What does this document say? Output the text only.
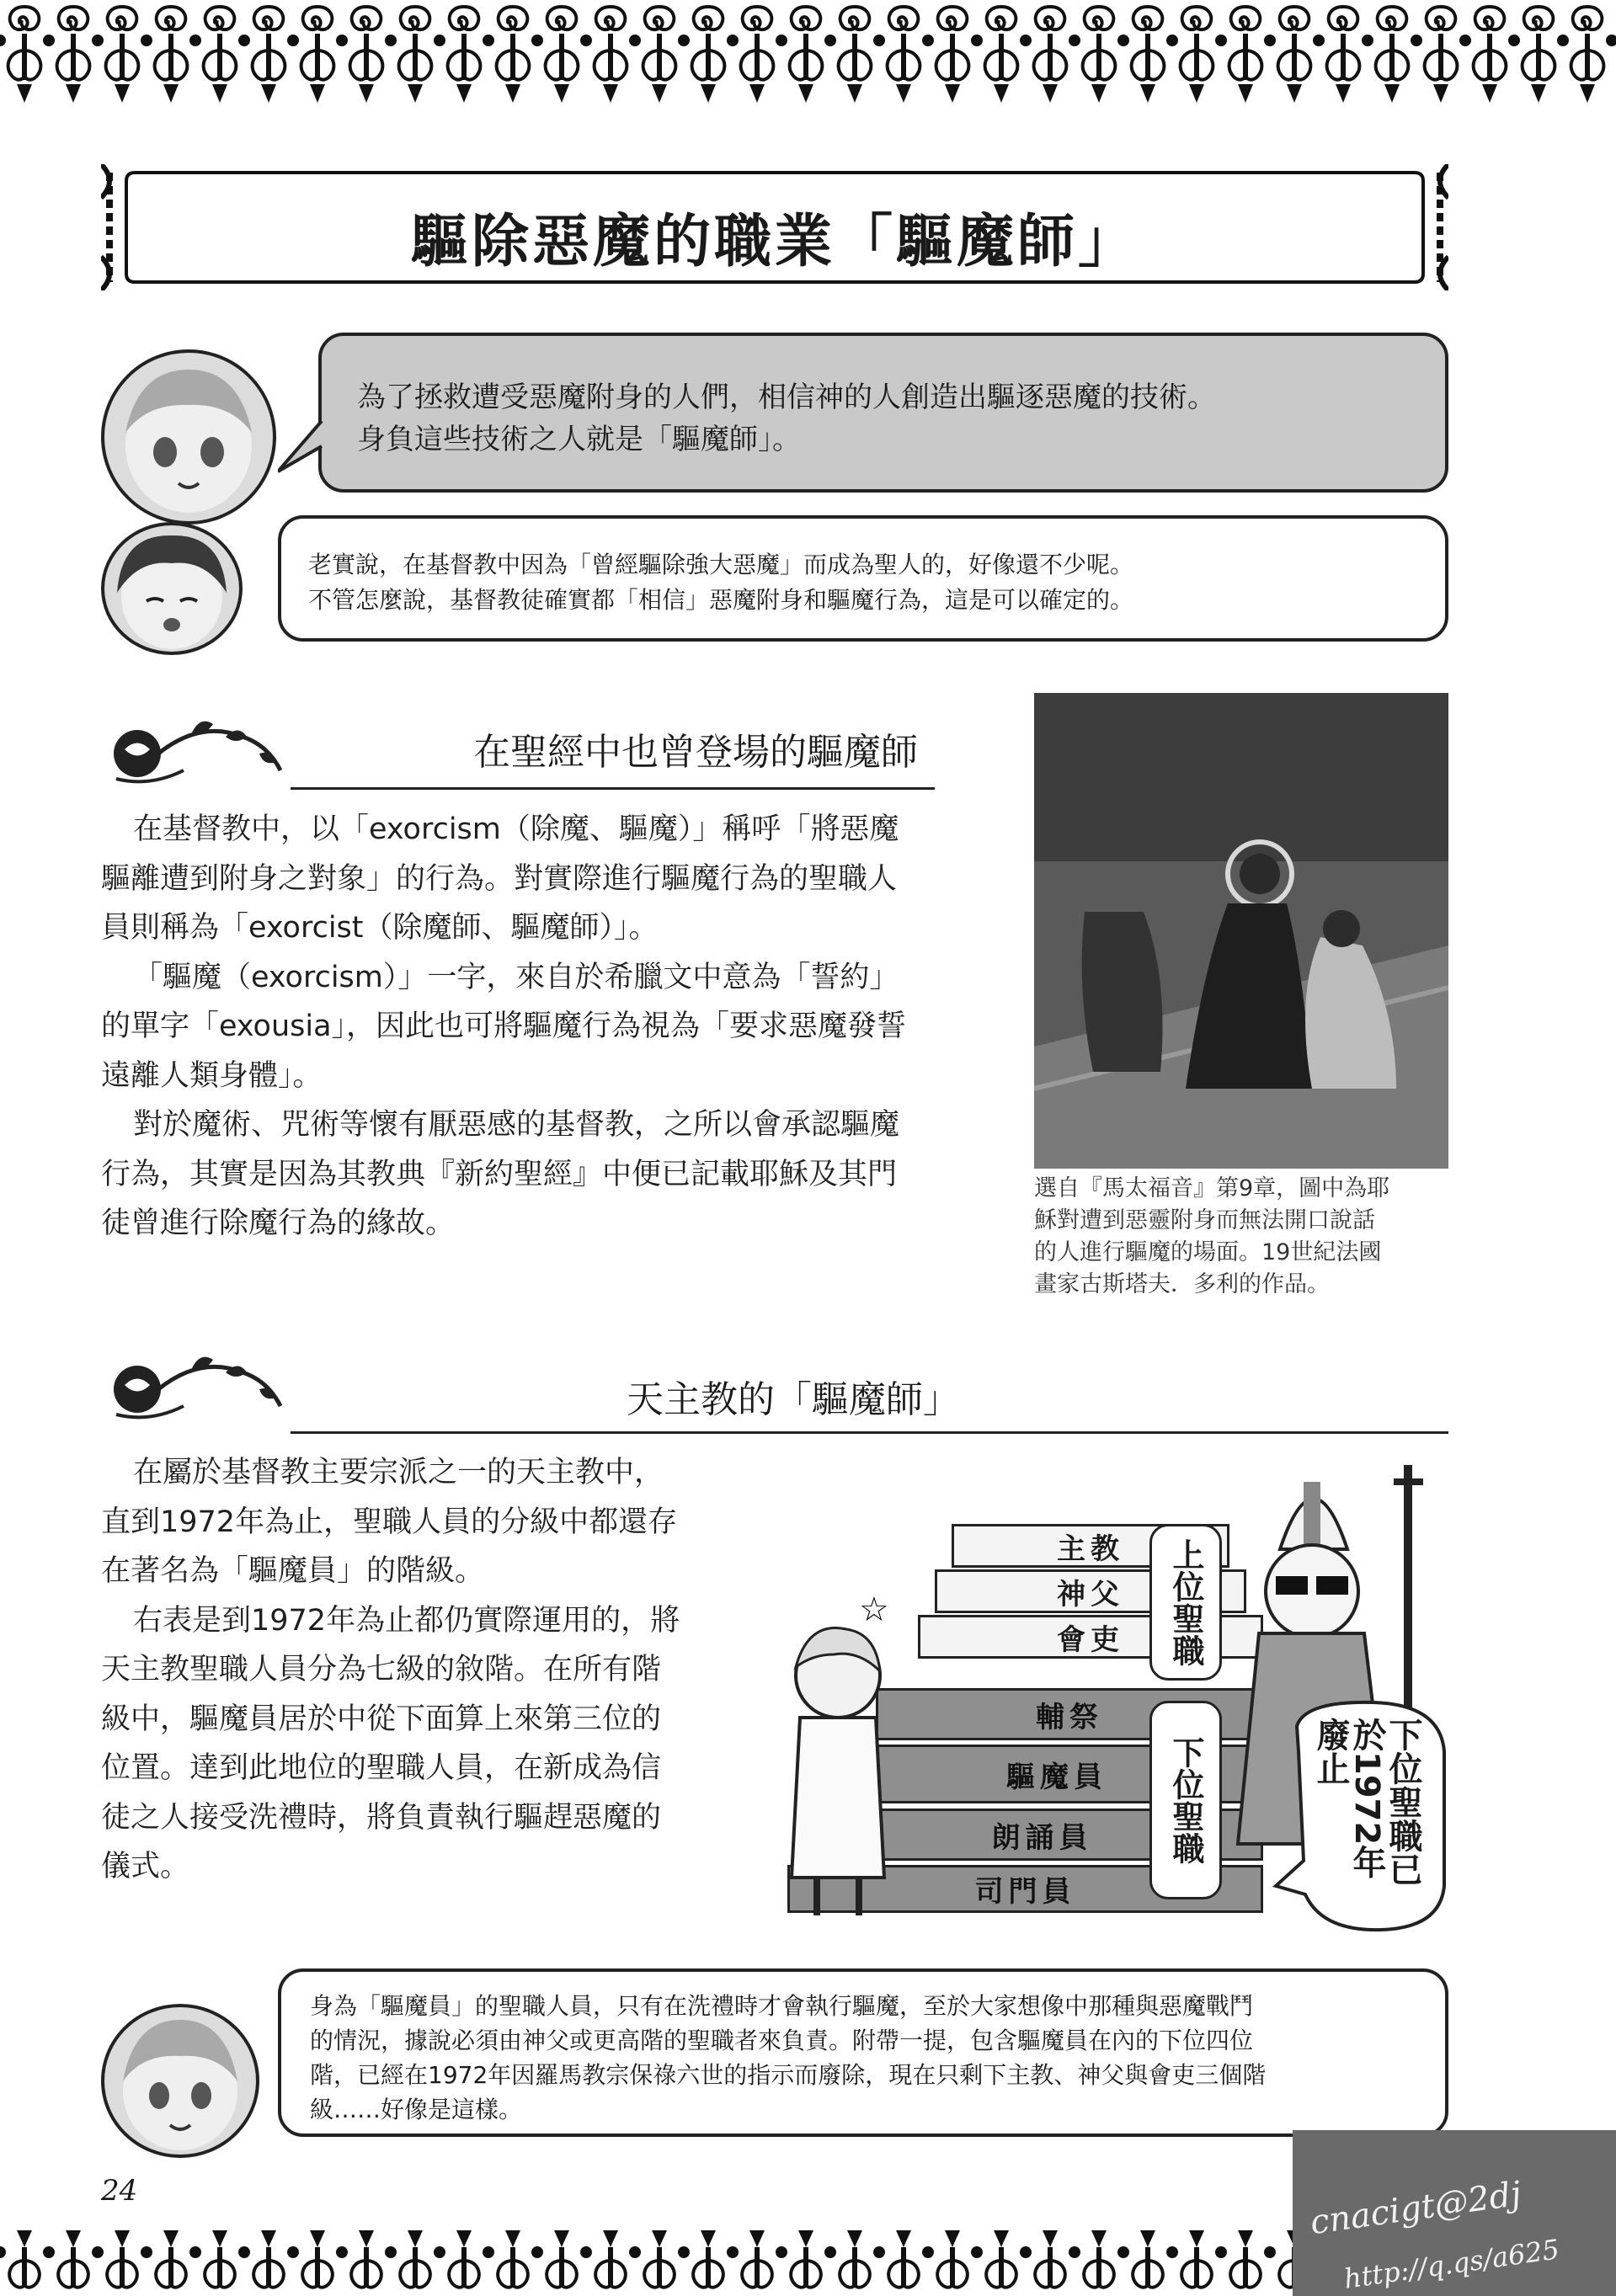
驅除惡魔的職業「驅魔師」

為了拯救遭受惡魔附身的人們，相信神的人創造出驅逐惡魔的技術。

身負這些技術之人就是「驅魔師」。

老實說，在基督教中因為「曾經驅除強大惡魔」而成為聖人的，好像還不少呢。

不管怎麼說，基督教徒確實都「相信」惡魔附身和驅魔行為，這是可以確定的。

在聖經中也曾登場的驅魔師
在基督教中，以「exorcism（除魔、驅魔）」稱呼「將惡魔
驅離遭到附身之對象」的行為。對實際進行驅魔行為的聖職人
員則稱為「exorcist（除魔師、驅魔師）」。
「驅魔（exorcism）」一字，來自於希臘文中意為「誓約」
的單字「exousia」，因此也可將驅魔行為視為「要求惡魔發誓
遠離人類身體」。
對於魔術、咒術等懷有厭惡感的基督教，之所以會承認驅魔
行為，其實是因為其教典『新約聖經』中便已記載耶穌及其門
徒曾進行除魔行為的緣故。
選自『馬太福音』第9章，圖中為耶
穌對遭到惡靈附身而無法開口說話
的人進行驅魔的場面。19世紀法國
畫家古斯塔夫．多利的作品。
天主教的「驅魔師」
在屬於基督教主要宗派之一的天主教中，
直到1972年為止，聖職人員的分級中都還存
在著名為「驅魔員」的階級。
右表是到1972年為止都仍實際運用的，將
天主教聖職人員分為七級的敘階。在所有階
級中，驅魔員居於中從下面算上來第三位的
位置。達到此地位的聖職人員，在新成為信
徒之人接受洗禮時，將負責執行驅趕惡魔的
儀式。
主教
神父
會吏
輔祭
驅魔員
朗誦員
司門員
上位聖職
下位聖職
☆
下位聖職已
於1972年
廢止

身為「驅魔員」的聖職人員，只有在洗禮時才會執行驅魔，至於大家想像中那種與惡魔戰鬥

的情況，據說必須由神父或更高階的聖職者來負責。附帶一提，包含驅魔員在內的下位四位

階，已經在1972年因羅馬教宗保祿六世的指示而廢除，現在只剩下主教、神父與會吏三個階

級……好像是這樣。

24	cnacigt@2dj
http://q.qs/a625
